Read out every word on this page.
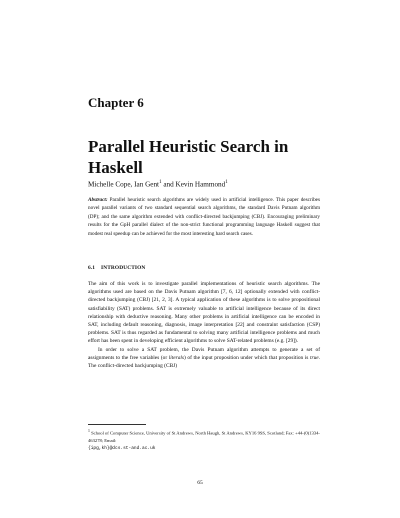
Chapter 6
Parallel Heuristic Search in Haskell
Michelle Cope, Ian Gent$^1$ and Kevin Hammond$^1$
Abstract: Parallel heuristic search algorithms are widely used in artificial intelligence. This paper describes novel parallel variants of two standard sequential search algorithms, the standard Davis Putnam algorithm (DP); and the same algorithm extended with conflict-directed backjumping (CBJ). Encouraging preliminary results for the GpH parallel dialect of the non-strict functional programming language Haskell suggest that modest real speedup can be achieved for the most interesting hard search cases.
6.1 INTRODUCTION

The aim of this work is to investigate parallel implementations of heuristic search algorithms. The algorithms used are based on the Davis Putnam algorithm [7, 6, 12] optionally extended with conflict-directed backjumping (CBJ) [21, 2, 3]. A typical application of these algorithms is to solve propositional satisfiability (SAT) problems. SAT is extremely valuable to artificial intelligence because of its direct relationship with deductive reasoning. Many other problems in artificial intelligence can be encoded in SAT, including default reasoning, diagnosis, image interpretation [22] and constraint satisfaction (CSP) problems. SAT is thus regarded as fundamental to solving many artificial intelligence problems and much effort has been spent in developing efficient algorithms to solve SAT-related problems (e.g. [29]).

In order to solve a SAT problem, the Davis Putnam algorithm attempts to generate a set of assignments to the free variables (or literals) of the input proposition under which that proposition is true. The conflict-directed backjumping (CBJ)

$^1$ School of Computer Science, University of St Andrews, North Haugh, St Andrews, KY16 9SS, Scotland; Fax: +44-(0)1334-463278; Email:
{ipg,kh}@dcs.st-and.ac.uk
65
